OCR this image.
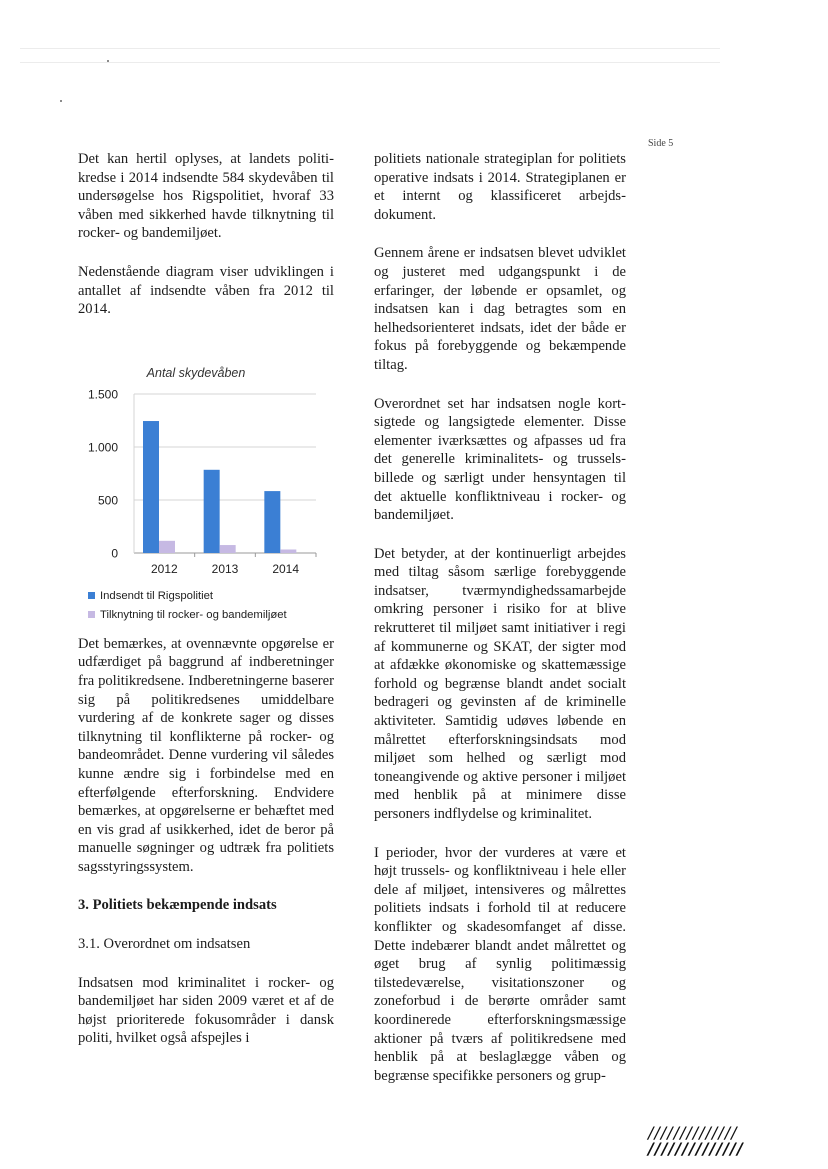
Side 5

Det kan hertil oplyses, at landets politikredse i 2014 indsendte 584 skydevåben til undersøgelse hos Rigspolitiet, hvoraf 33 våben med sikkerhed havde tilknytning til rocker- og bandemiljøet.

Nedenstående diagram viser udviklingen i antallet af indsendte våben fra 2012 til 2014.

Antal skydevåben
0
500
1.000
1.500
2012	2013	2014
Indsendt til Rigspolitiet
Tilknytning til rocker- og bandemiljøet

Det bemærkes, at ovennævnte opgørelse er udfærdiget på baggrund af indberetninger fra politikredsene. Indberetningerne baserer sig på politikredsenes umiddelbare vurdering af de konkrete sager og disses tilknytning til konflikterne på rocker- og bandeområdet. Denne vurdering vil således kunne ændre sig i forbindelse med en efterfølgende efterforskning. Endvidere bemærkes, at opgørelserne er behæftet med en vis grad af usikkerhed, idet de beror på manuelle søgninger og udtræk fra politiets sagsstyringssystem.

3. Politiets bekæmpende indsats

3.1. Overordnet om indsatsen

Indsatsen mod kriminalitet i rocker- og bandemiljøet har siden 2009 været et af de højst prioriterede fokusområder i dansk politi, hvilket også afspejles i

politiets nationale strategiplan for politiets operative indsats i 2014. Strategiplanen er et internt og klassificeret arbejdsdokument.

Gennem årene er indsatsen blevet udviklet og justeret med udgangspunkt i de erfaringer, der løbende er opsamlet, og indsatsen kan i dag betragtes som en helhedsorienteret indsats, idet der både er fokus på forebyggende og bekæmpende tiltag.

Overordnet set har indsatsen nogle kortsigtede og langsigtede elementer. Disse elementer iværksættes og afpasses ud fra det generelle kriminalitets- og trusselsbillede og særligt under hensyntagen til det aktuelle konfliktniveau i rocker- og bandemiljøet.

Det betyder, at der kontinuerligt arbejdes med tiltag såsom særlige forebyggende indsatser, tværmyndighedssamarbejde omkring personer i risiko for at blive rekrutteret til miljøet samt initiativer i regi af kommunerne og SKAT, der sigter mod at afdække økonomiske og skattemæssige forhold og begrænse blandt andet socialt bedrageri og gevinsten af de kriminelle aktiviteter. Samtidig udøves løbende en målrettet efterforskningsindsats mod miljøet som helhed og særligt mod toneangivende og aktive personer i miljøet med henblik på at minimere disse personers indflydelse og kriminalitet.

I perioder, hvor der vurderes at være et højt trussels- og konfliktniveau i hele eller dele af miljøet, intensiveres og målrettes politiets indsats i forhold til at reducere konflikter og skadesomfanget af disse. Dette indebærer blandt andet målrettet og øget brug af synlig politimæssig tilstedeværelse, visitationszoner og zoneforbud i de berørte områder samt koordinerede efterforskningsmæssige aktioner på tværs af politikredsene med henblik på at beslaglægge våben og begrænse specifikke personers og grup-

//////////////
//////////////
